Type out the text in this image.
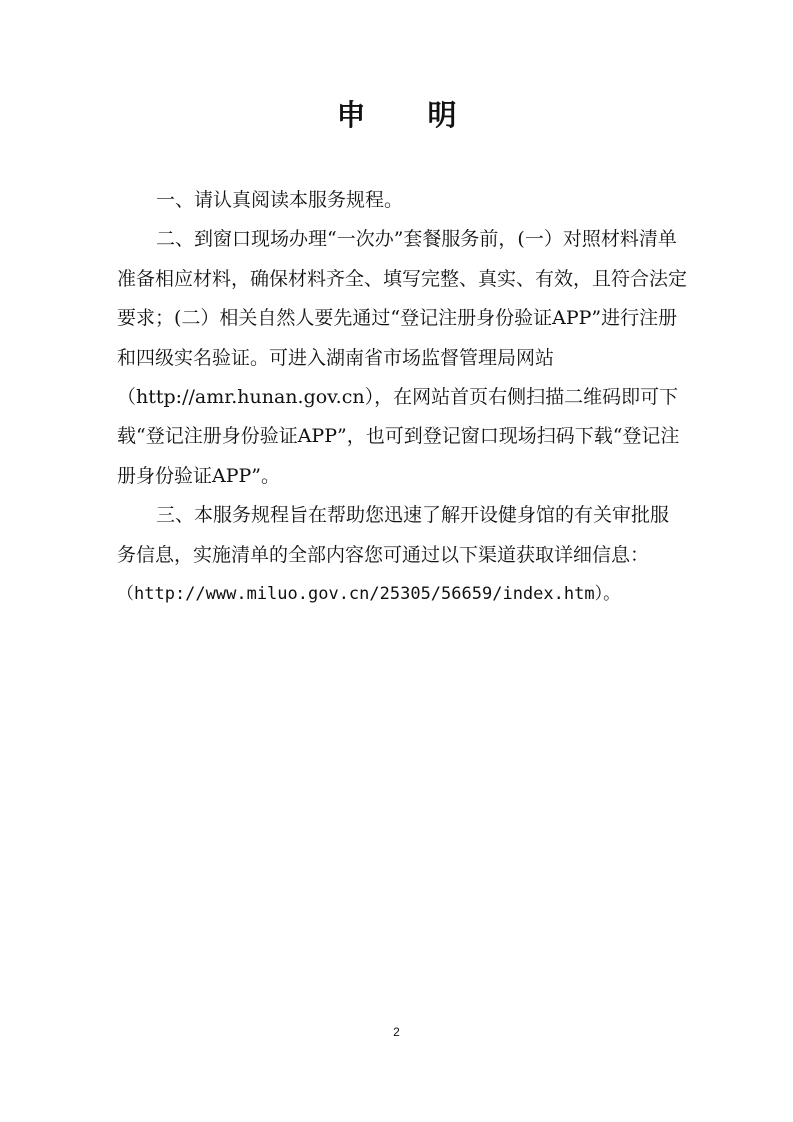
申 明

一、请认真阅读本服务规程。

二、到窗口现场办理“一次办”套餐服务前，(一）对照材料清单准备相应材料，确保材料齐全、填写完整、真实、有效，且符合法定要求；(二）相关自然人要先通过“登记注册身份验证APP”进行注册和四级实名验证。可进入湖南省市场监督管理局网站（http://amr.hunan.gov.cn），在网站首页右侧扫描二维码即可下载“登记注册身份验证APP”，也可到登记窗口现场扫码下载“登记注册身份验证APP”。

三、本服务规程旨在帮助您迅速了解开设健身馆的有关审批服务信息，实施清单的全部内容您可通过以下渠道获取详细信息：

（http://www.miluo.gov.cn/25305/56659/index.htm）。

2
